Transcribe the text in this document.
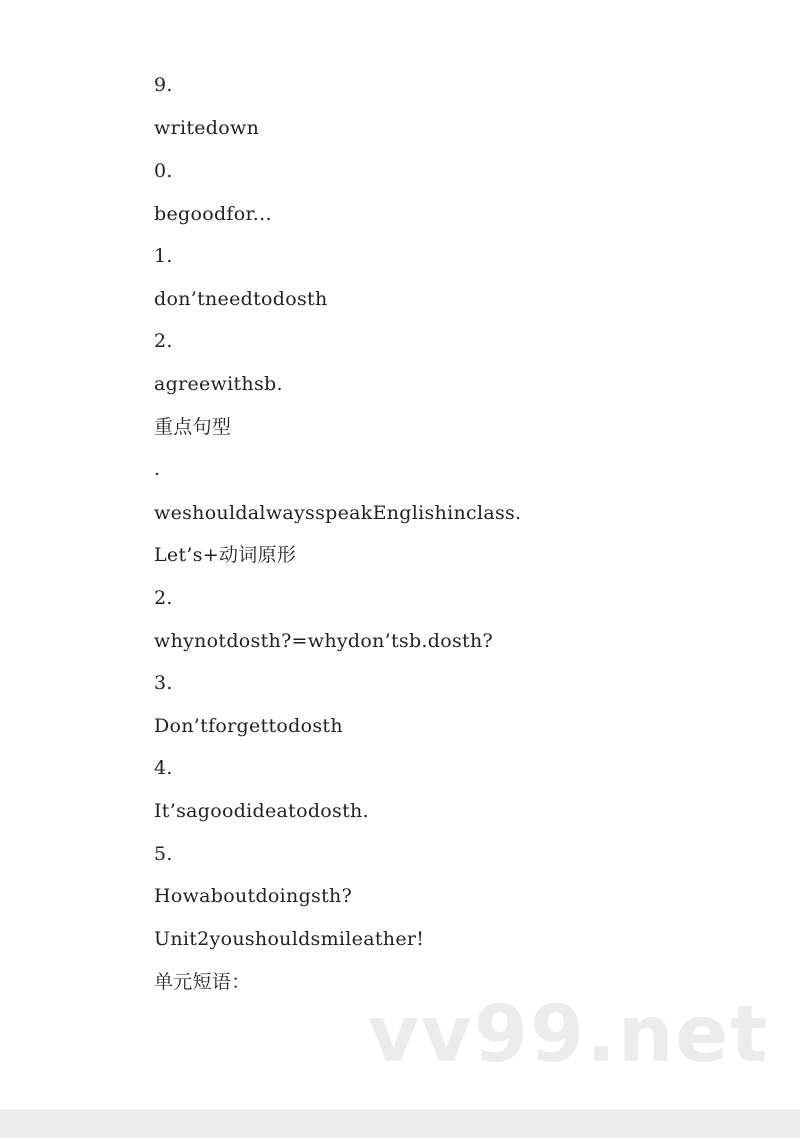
9.
writedown
0.
begoodfor...
1.
don’tneedtodosth
2.
agreewithsb.
重点句型
.
weshouldalwaysspeakEnglishinclass.
Let’s+动词原形
2.
whynotdosth?=whydon’tsb.dosth?
3.
Don’tforgettodosth
4.
It’sagoodideatodosth.
5.
Howaboutdoingsth?
Unit2youshouldsmileather!
单元短语：
vv99.net
